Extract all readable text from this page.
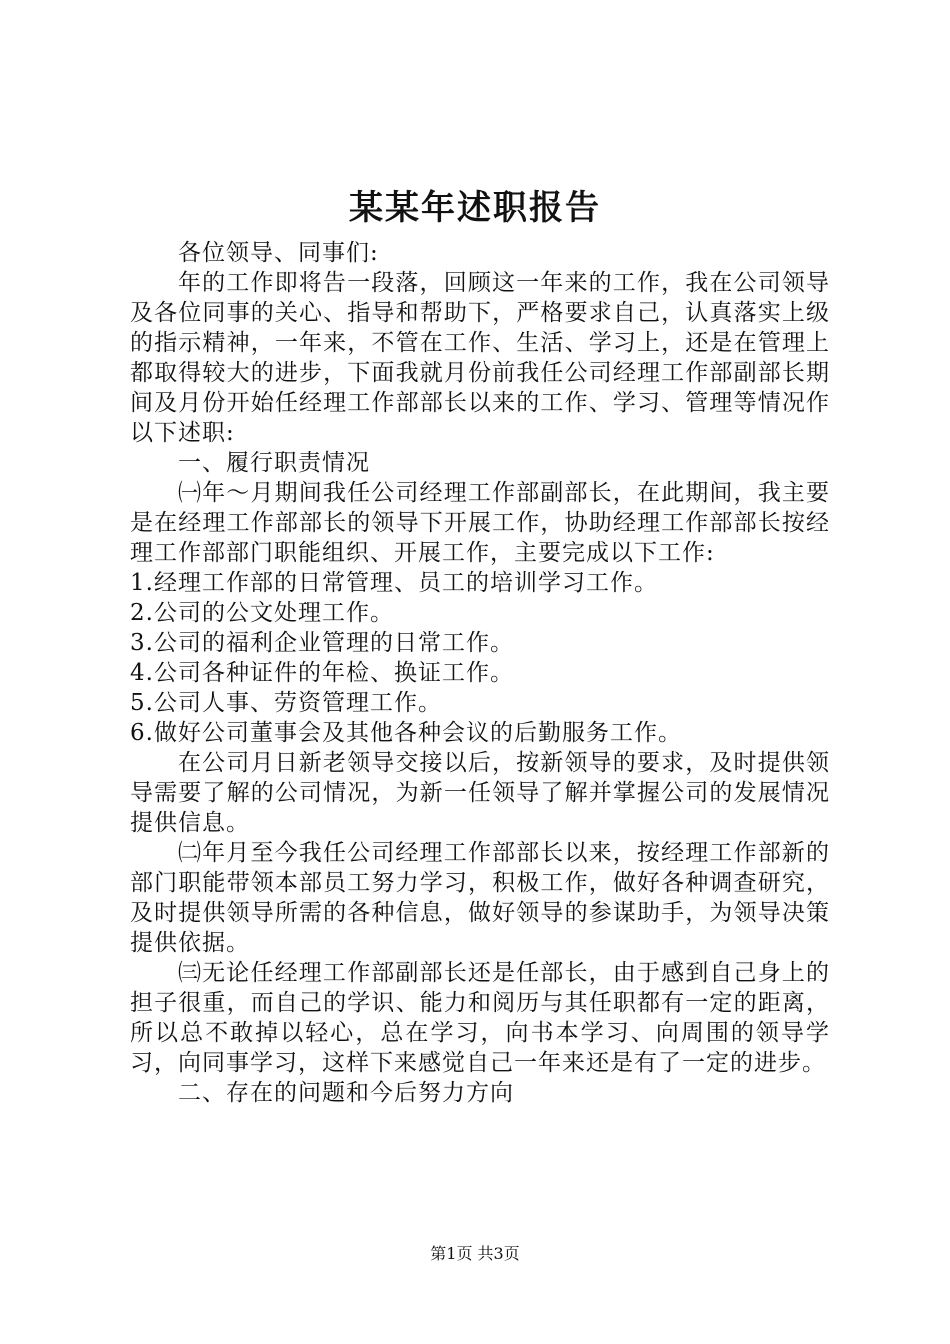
某某年述职报告

各位领导、同事们:

年的工作即将告一段落，回顾这一年来的工作，我在公司领导及各位同事的关心、指导和帮助下，严格要求自己，认真落实上级的指示精神，一年来，不管在工作、生活、学习上，还是在管理上都取得较大的进步，下面我就月份前我任公司经理工作部副部长期间及月份开始任经理工作部部长以来的工作、学习、管理等情况作以下述职:

一、履行职责情况

㈠年～月期间我任公司经理工作部副部长，在此期间，我主要是在经理工作部部长的领导下开展工作，协助经理工作部部长按经理工作部部门职能组织、开展工作，主要完成以下工作:

1.经理工作部的日常管理、员工的培训学习工作。

2.公司的公文处理工作。

3.公司的福利企业管理的日常工作。

4.公司各种证件的年检、换证工作。

5.公司人事、劳资管理工作。

6.做好公司董事会及其他各种会议的后勤服务工作。

在公司月日新老领导交接以后，按新领导的要求，及时提供领导需要了解的公司情况，为新一任领导了解并掌握公司的发展情况提供信息。

㈡年月至今我任公司经理工作部部长以来，按经理工作部新的部门职能带领本部员工努力学习，积极工作，做好各种调查研究，及时提供领导所需的各种信息，做好领导的参谋助手，为领导决策提供依据。

㈢无论任经理工作部副部长还是任部长，由于感到自己身上的担子很重，而自己的学识、能力和阅历与其任职都有一定的距离，所以总不敢掉以轻心，总在学习，向书本学习、向周围的领导学习，向同事学习，这样下来感觉自己一年来还是有了一定的进步。

二、存在的问题和今后努力方向

第1页 共3页
